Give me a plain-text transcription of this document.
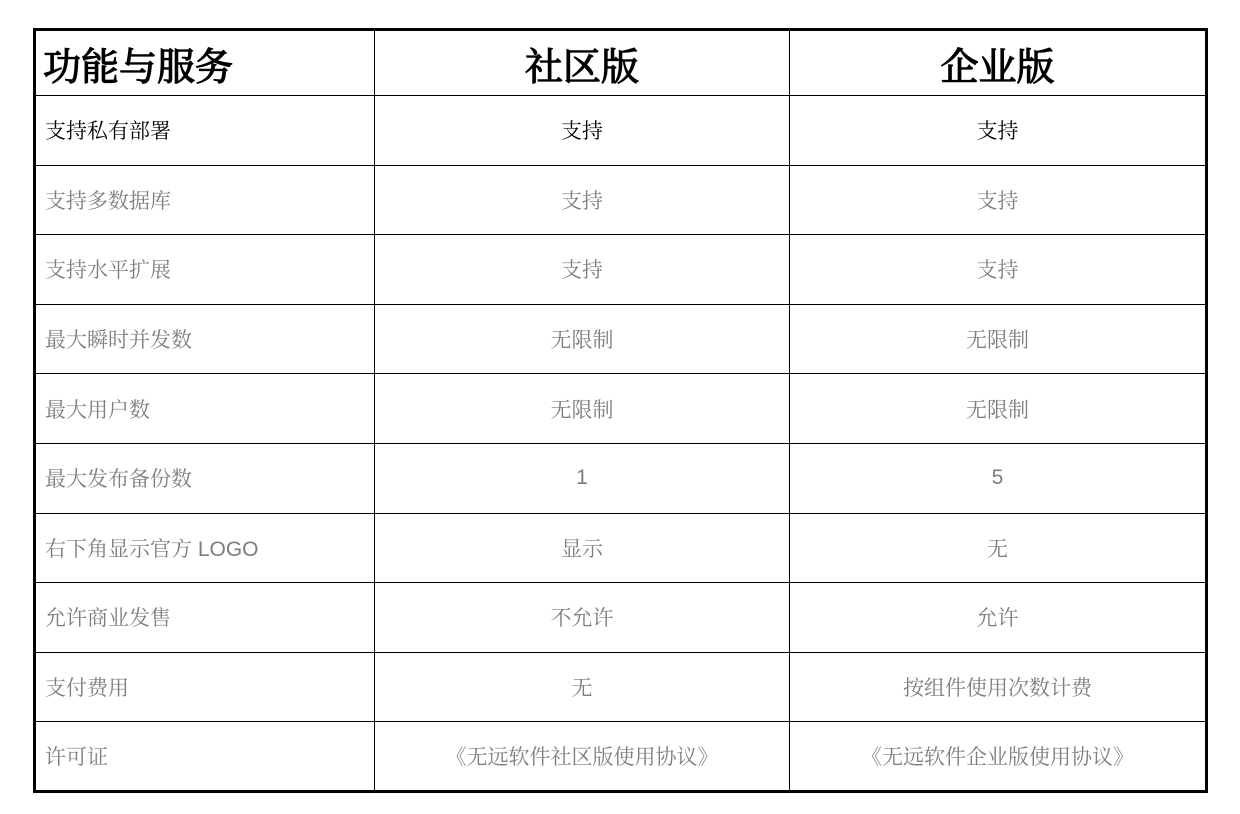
功能与服务	社区版	企业版
支持私有部署	支持	支持
支持多数据库	支持	支持
支持水平扩展	支持	支持
最大瞬时并发数	无限制	无限制
最大用户数	无限制	无限制
最大发布备份数	1	5
右下角显示官方 LOGO	显示	无
允许商业发售	不允许	允许
支付费用	无	按组件使用次数计费
许可证	《无远软件社区版使用协议》	《无远软件企业版使用协议》
